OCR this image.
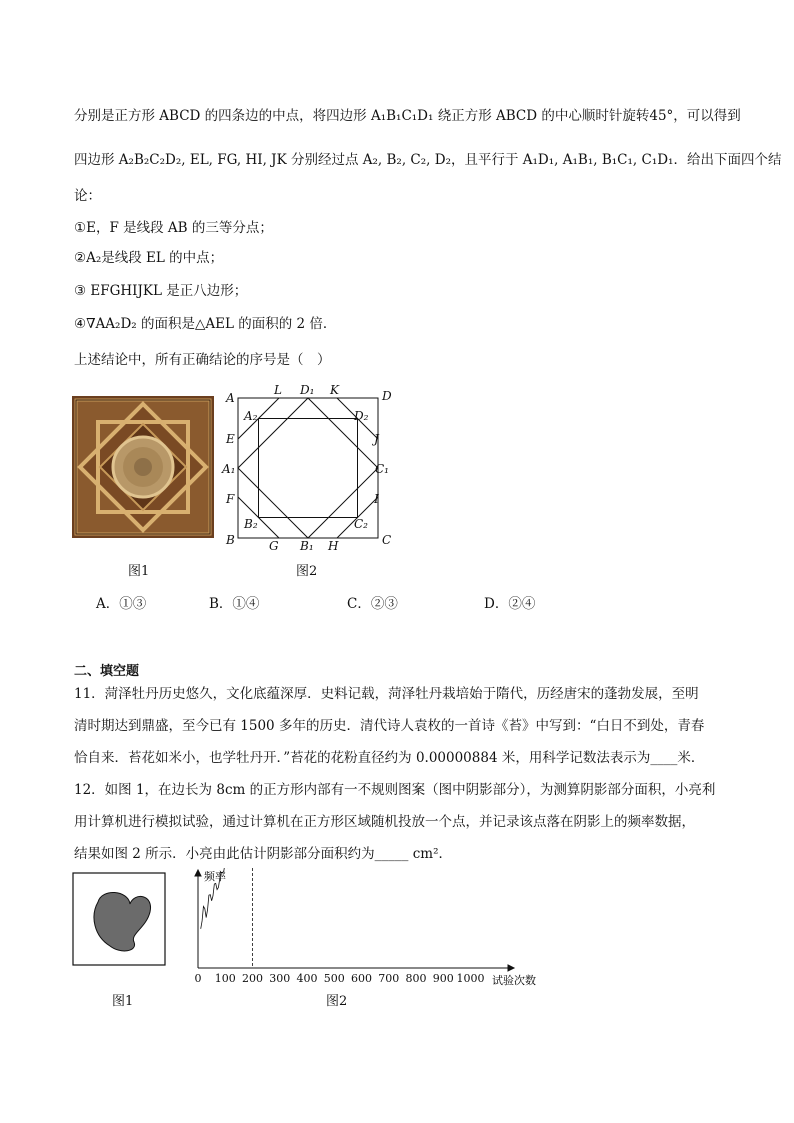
分别是正方形 ABCD 的四条边的中点，将四边形 A₁B₁C₁D₁ 绕正方形 ABCD 的中心顺时针旋转45°，可以得到
四边形 A₂B₂C₂D₂, EL, FG, HI, JK 分别经过点 A₂, B₂, C₂, D₂，且平行于 A₁D₁, A₁B₁, B₁C₁, C₁D₁．给出下面四个结
论：
①E，F 是线段 AB 的三等分点；
②A₂是线段 EL 的中点；
③ EFGHIJKL 是正八边形；
④∇AA₂D₂ 的面积是△AEL 的面积的 2 倍．
上述结论中，所有正确结论的序号是（　）
图1
A
B	C
D
E
F
G	H
I
J
K
L
A₁
B₁
C₁
D₁
A₂
B₂	C₂
D₂
图2
A．①③	B．①④	C．②③	D．②④
二、填空题
11．菏泽牡丹历史悠久，文化底蕴深厚．史料记载，菏泽牡丹栽培始于隋代，历经唐宋的蓬勃发展，至明
清时期达到鼎盛，至今已有 1500 多年的历史．清代诗人袁枚的一首诗《苔》中写到：“白日不到处，青春
恰自来．苔花如米小，也学牡丹开．”苔花的花粉直径约为 0.00000884 米，用科学记数法表示为____米．
12．如图 1，在边长为 8cm 的正方形内部有一不规则图案（图中阴影部分），为测算阴影部分面积，小亮利
用计算机进行模拟试验，通过计算机在正方形区域随机投放一个点，并记录该点落在阴影上的频率数据，
结果如图 2 所示．小亮由此估计阴影部分面积约为_____ cm²．
图1
频率
试验次数
0 100 200 300 400 500 600 700 800 900 1000
图2
